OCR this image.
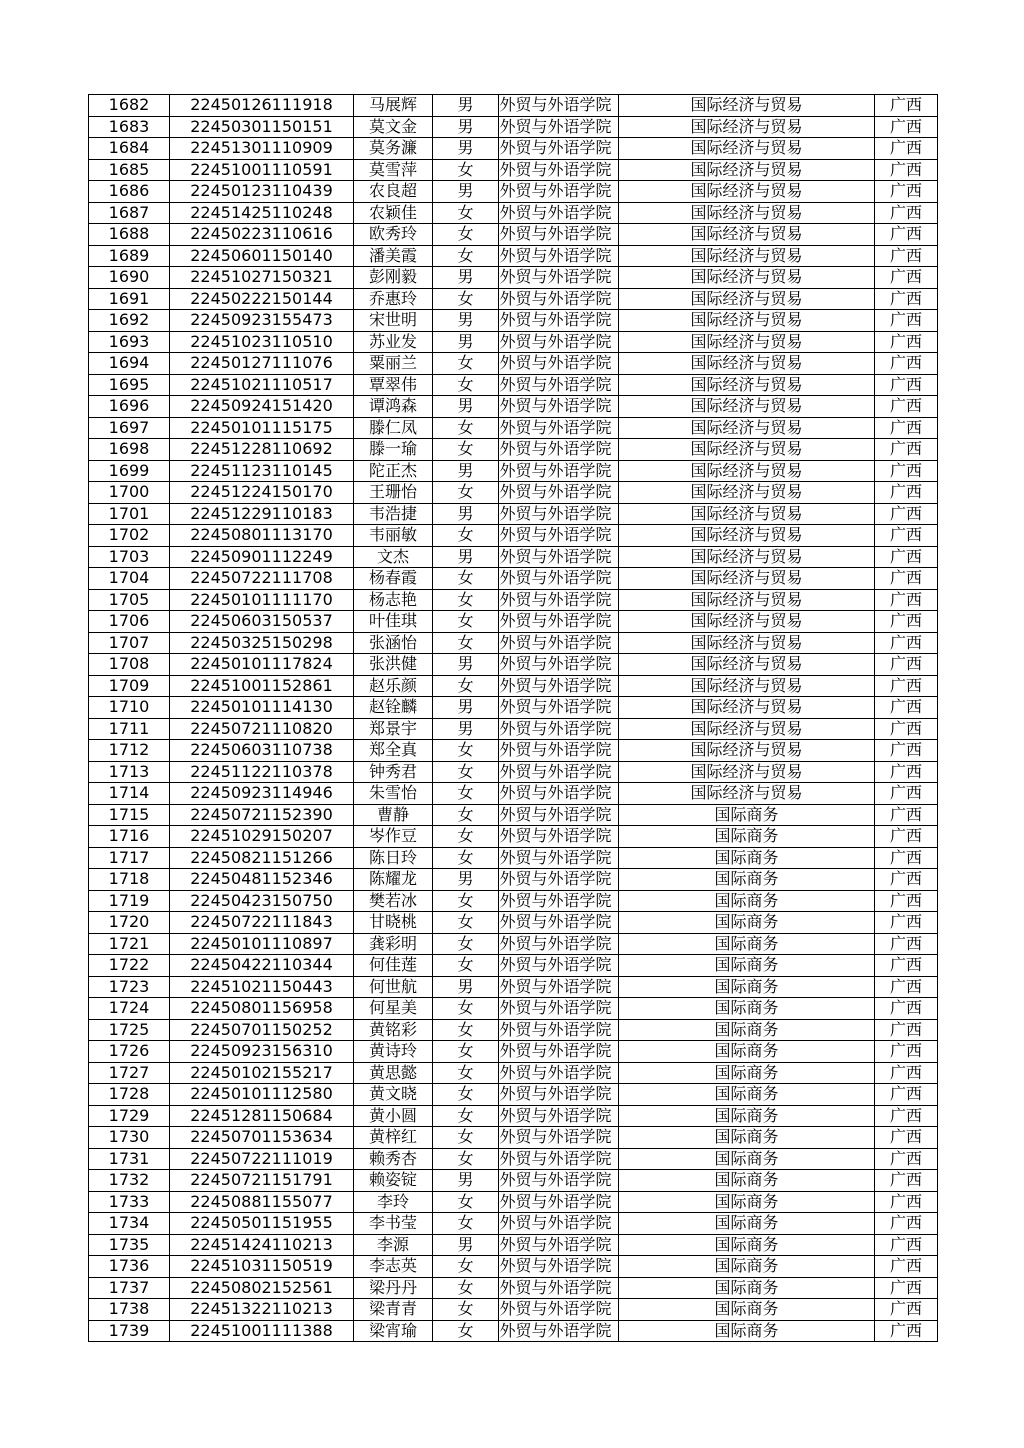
1682	22450126111918	马展辉	男	外贸与外语学院	国际经济与贸易	广西
1683	22450301150151	莫文金	男	外贸与外语学院	国际经济与贸易	广西
1684	22451301110909	莫务濂	男	外贸与外语学院	国际经济与贸易	广西
1685	22451001110591	莫雪萍	女	外贸与外语学院	国际经济与贸易	广西
1686	22450123110439	农良超	男	外贸与外语学院	国际经济与贸易	广西
1687	22451425110248	农颖佳	女	外贸与外语学院	国际经济与贸易	广西
1688	22450223110616	欧秀玲	女	外贸与外语学院	国际经济与贸易	广西
1689	22450601150140	潘美霞	女	外贸与外语学院	国际经济与贸易	广西
1690	22451027150321	彭刚毅	男	外贸与外语学院	国际经济与贸易	广西
1691	22450222150144	乔惠玲	女	外贸与外语学院	国际经济与贸易	广西
1692	22450923155473	宋世明	男	外贸与外语学院	国际经济与贸易	广西
1693	22451023110510	苏业发	男	外贸与外语学院	国际经济与贸易	广西
1694	22450127111076	粟丽兰	女	外贸与外语学院	国际经济与贸易	广西
1695	22451021110517	覃翠伟	女	外贸与外语学院	国际经济与贸易	广西
1696	22450924151420	谭鸿森	男	外贸与外语学院	国际经济与贸易	广西
1697	22450101115175	滕仁凤	女	外贸与外语学院	国际经济与贸易	广西
1698	22451228110692	滕一瑜	女	外贸与外语学院	国际经济与贸易	广西
1699	22451123110145	陀正杰	男	外贸与外语学院	国际经济与贸易	广西
1700	22451224150170	王珊怡	女	外贸与外语学院	国际经济与贸易	广西
1701	22451229110183	韦浩捷	男	外贸与外语学院	国际经济与贸易	广西
1702	22450801113170	韦丽敏	女	外贸与外语学院	国际经济与贸易	广西
1703	22450901112249	文杰	男	外贸与外语学院	国际经济与贸易	广西
1704	22450722111708	杨春霞	女	外贸与外语学院	国际经济与贸易	广西
1705	22450101111170	杨志艳	女	外贸与外语学院	国际经济与贸易	广西
1706	22450603150537	叶佳琪	女	外贸与外语学院	国际经济与贸易	广西
1707	22450325150298	张涵怡	女	外贸与外语学院	国际经济与贸易	广西
1708	22450101117824	张洪健	男	外贸与外语学院	国际经济与贸易	广西
1709	22451001152861	赵乐颜	女	外贸与外语学院	国际经济与贸易	广西
1710	22450101114130	赵铨麟	男	外贸与外语学院	国际经济与贸易	广西
1711	22450721110820	郑景宇	男	外贸与外语学院	国际经济与贸易	广西
1712	22450603110738	郑全真	女	外贸与外语学院	国际经济与贸易	广西
1713	22451122110378	钟秀君	女	外贸与外语学院	国际经济与贸易	广西
1714	22450923114946	朱雪怡	女	外贸与外语学院	国际经济与贸易	广西
1715	22450721152390	曹静	女	外贸与外语学院	国际商务	广西
1716	22451029150207	岑作豆	女	外贸与外语学院	国际商务	广西
1717	22450821151266	陈日玲	女	外贸与外语学院	国际商务	广西
1718	22450481152346	陈耀龙	男	外贸与外语学院	国际商务	广西
1719	22450423150750	樊若冰	女	外贸与外语学院	国际商务	广西
1720	22450722111843	甘晓桃	女	外贸与外语学院	国际商务	广西
1721	22450101110897	龚彩明	女	外贸与外语学院	国际商务	广西
1722	22450422110344	何佳莲	女	外贸与外语学院	国际商务	广西
1723	22451021150443	何世航	男	外贸与外语学院	国际商务	广西
1724	22450801156958	何星美	女	外贸与外语学院	国际商务	广西
1725	22450701150252	黄铭彩	女	外贸与外语学院	国际商务	广西
1726	22450923156310	黄诗玲	女	外贸与外语学院	国际商务	广西
1727	22450102155217	黄思懿	女	外贸与外语学院	国际商务	广西
1728	22450101112580	黄文晓	女	外贸与外语学院	国际商务	广西
1729	22451281150684	黄小圆	女	外贸与外语学院	国际商务	广西
1730	22450701153634	黄梓红	女	外贸与外语学院	国际商务	广西
1731	22450722111019	赖秀杏	女	外贸与外语学院	国际商务	广西
1732	22450721151791	赖姿锭	男	外贸与外语学院	国际商务	广西
1733	22450881155077	李玲	女	外贸与外语学院	国际商务	广西
1734	22450501151955	李书莹	女	外贸与外语学院	国际商务	广西
1735	22451424110213	李源	男	外贸与外语学院	国际商务	广西
1736	22451031150519	李志英	女	外贸与外语学院	国际商务	广西
1737	22450802152561	梁丹丹	女	外贸与外语学院	国际商务	广西
1738	22451322110213	梁青青	女	外贸与外语学院	国际商务	广西
1739	22451001111388	梁宵瑜	女	外贸与外语学院	国际商务	广西
